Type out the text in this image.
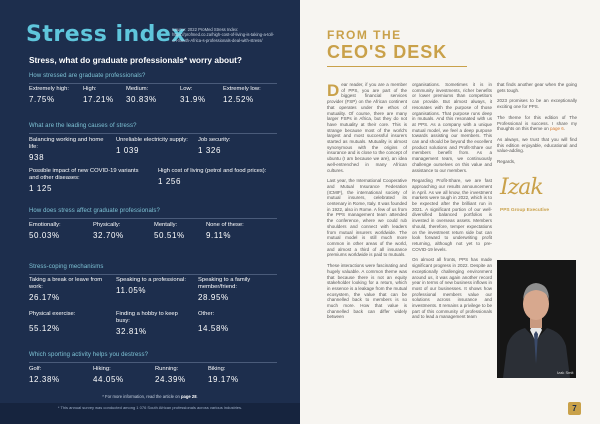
Stress index
Source: 2022 ProMed Stress Index: https://profmed.co.za/high-cost-of-living-is-taking-a-toll-on-South-Africa-s-professionals-deal-with-stress/
Stress, what do graduate professionals* worry about?
How stressed are graduate professionals?
Extremely high:
7.75%
High:
17.21%
Medium:
30.83%
Low:
31.9%
Extremely low:
12.52%
What are the leading causes of stress?
Balancing working and home life:
938
Unreliable electricity supply:
1 039
Job security:
1 326
Possible impact of new COVID-19 variants and other diseases:
1 125
High cost of living (petrol and food prices):
1 256
How does stress affect graduate professionals?
Emotionally:
50.03%
Physically:
32.70%
Mentally:
50.51%
None of these:
9.11%
Stress-coping mechanisms
Taking a break or leave from work:
26.17%
Speaking to a professional:
11.05%
Speaking to a family member/friend:
28.95%
Physical exercise:
55.12%
Finding a hobby to keep busy:
32.81%
Other:
14.58%
Which sporting activity helps you destress?
Golf:
12.38%
Hiking:
44.05%
Running:
24.39%
Biking:
19.17%
* For more information, read the article on page 28.
* This annual survey was conducted among 1 076 South African professionals across various industries.
FROM THE
CEO'S DESK

Dear reader, if you are a member of PPS, you are part of the biggest financial services provider (FSP) on the African continent that operates under the ethos of mutuality. Of course, there are many larger FSPs in Africa, but they do not have mutuality at their core. This is strange because most of the world's largest and most successful insurers started as mutuals. Mutuality is almost synonymous with the origins of insurance and is close to the concept of ubuntu (I am because we are), an idea well-entrenched in many African cultures.

Last year, the International Cooperative and Mutual Insurance Federation (ICMIF), the international society of mutual insurers, celebrated its centenary in Rome, Italy. It was founded in 1922, also in Rome. A few of us from the PPS management team attended the conference, where we could rub shoulders and connect with leaders from mutual insurers worldwide. The mutual model is still much more common in other areas of the world, and almost a third of all insurance premiums worldwide is paid to mutuals.

These interactions were fascinating and hugely valuable. A common theme was that because there is not an equity stakeholder looking for a return, which in essence is a leakage from the mutual ecosystem, the value that can be channelled back to members is so much more. How that value is channelled back can differ widely between

organisations. Sometimes it is in community investments, richer benefits or lower premiums than competitors can provide. But almost always, it resonates with the purpose of those organisations. That purpose runs deep in mutuals. And this resonated with us at PPS. As a company with a unique mutual model, we feel a deep purpose towards assisting our members. This can and should be beyond the excellent product solutions and Profit-Share our members benefit from. As a management team, we continuously challenge ourselves on this value and assistance to our members.

Regarding Profit-Share, we are fast approaching our results announcement in April. As we all know, the investment markets were tough in 2022, which is to be expected after the brilliant run in 2021. A significant portion of our well-diversified balanced portfolios is invested in overseas assets. Members should, therefore, temper expectations on the investment return side but can look forward to underwriting profit returning, although not yet to pre-COVID-19 levels.

On almost all fronts, PPS has made significant progress in 2022. Despite an exceptionally challenging environment around us, it was again another record year in terms of new business inflows in most of our businesses. It shows how professional members value our solutions across insurance and investments. It remains a privilege to be part of this community of professionals and to lead a management team

that finds another gear when the going gets tough.

2023 promises to be an exceptionally exciting one for PPS.

The theme for this edition of The Professional is success. I share my thoughts on this theme on page 6.

As always, we trust that you will find this edition enjoyable, educational and value-adding.

Regards,

Izak
PPS Group Executive
Izak Smit
7
